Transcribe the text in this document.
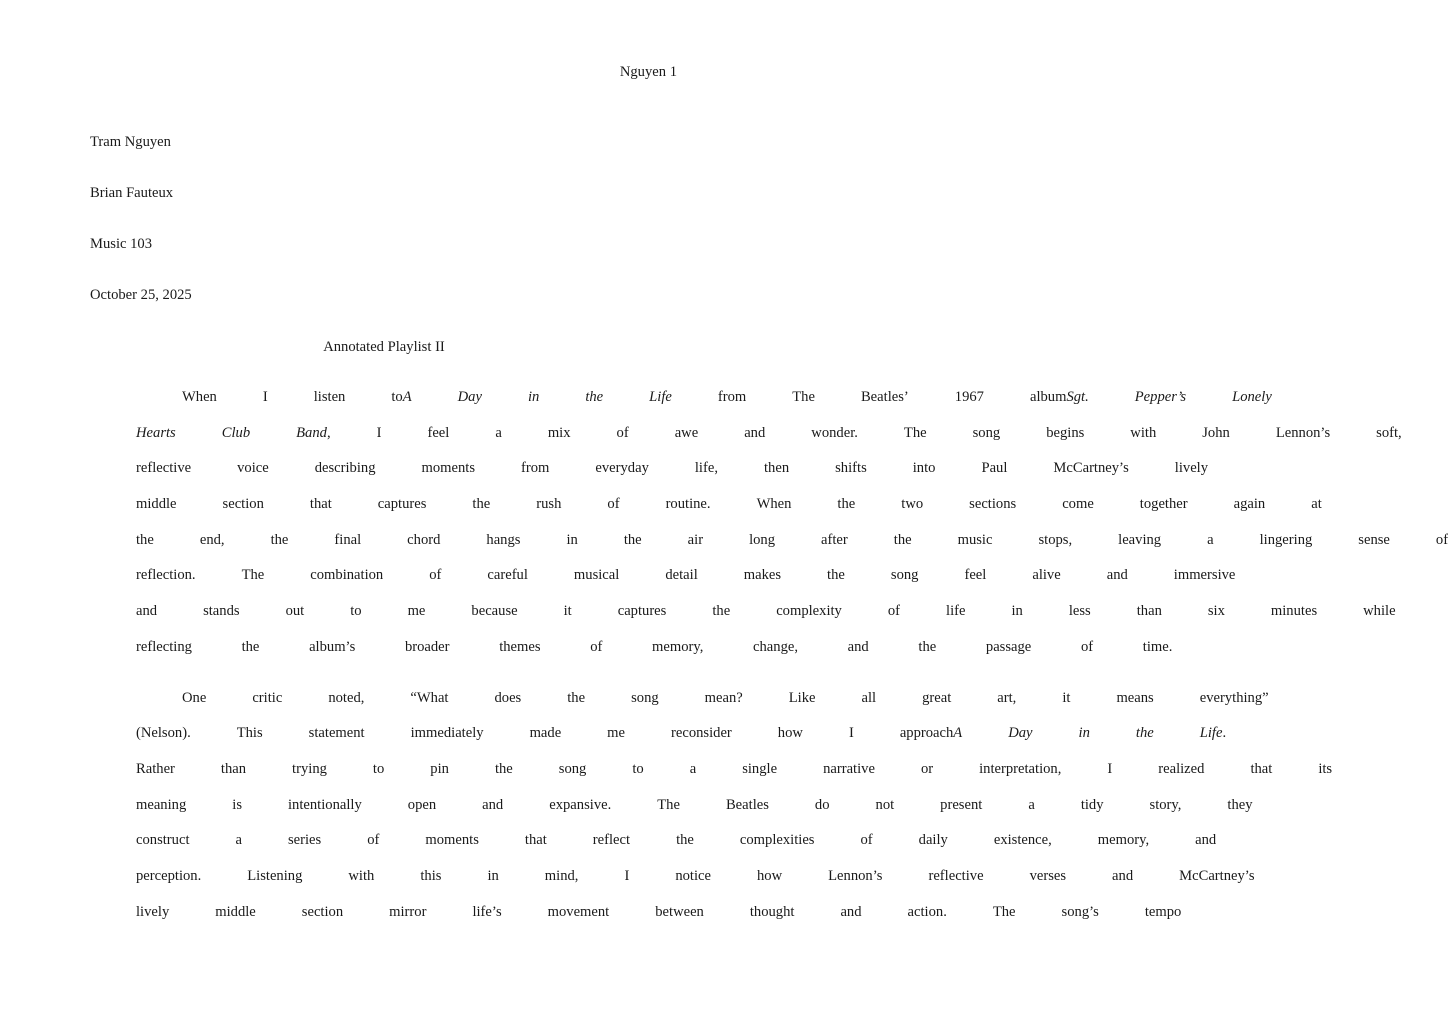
Nguyen 1
Tram Nguyen
Brian Fauteux
Music 103
October 25, 2025
Annotated Playlist II
When	I	listen	toA	Day	in	the	Life	from	The	Beatles’	1967	albumSgt.	Pepper’s	Lonely
Hearts	Club	Band,	I	feel	a	mix	of	awe	and	wonder.	The	song	begins	with	John	Lennon’s	soft,
reflective	voice	describing	moments	from	everyday	life,	then	shifts	into	Paul	McCartney’s	lively
middle	section	that	captures	the	rush	of	routine.	When	the	two	sections	come	together	again	at
the	end,	the	final	chord	hangs	in	the	air	long	after	the	music	stops,	leaving	a	lingering	sense	of
reflection.	The	combination	of	careful	musical	detail	makes	the	song	feel	alive	and	immersive
and	stands	out	to	me	because	it	captures	the	complexity	of	life	in	less	than	six	minutes	while
reflecting	the	album’s	broader	themes	of	memory,	change,	and	the	passage	of	time.
One	critic	noted,	“What	does	the	song	mean?	Like	all	great	art,	it	means	everything”
(Nelson).	This	statement	immediately	made	me	reconsider	how	I	approachA	Day	in	the	Life.
Rather	than	trying	to	pin	the	song	to	a	single	narrative	or	interpretation,	I	realized	that	its
meaning	is	intentionally	open	and	expansive.	The	Beatles	do	not	present	a	tidy	story,	they
construct	a	series	of	moments	that	reflect	the	complexities	of	daily	existence,	memory,	and
perception.	Listening	with	this	in	mind,	I	notice	how	Lennon’s	reflective	verses	and	McCartney’s
lively	middle	section	mirror	life’s	movement	between	thought	and	action.	The	song’s	tempo
